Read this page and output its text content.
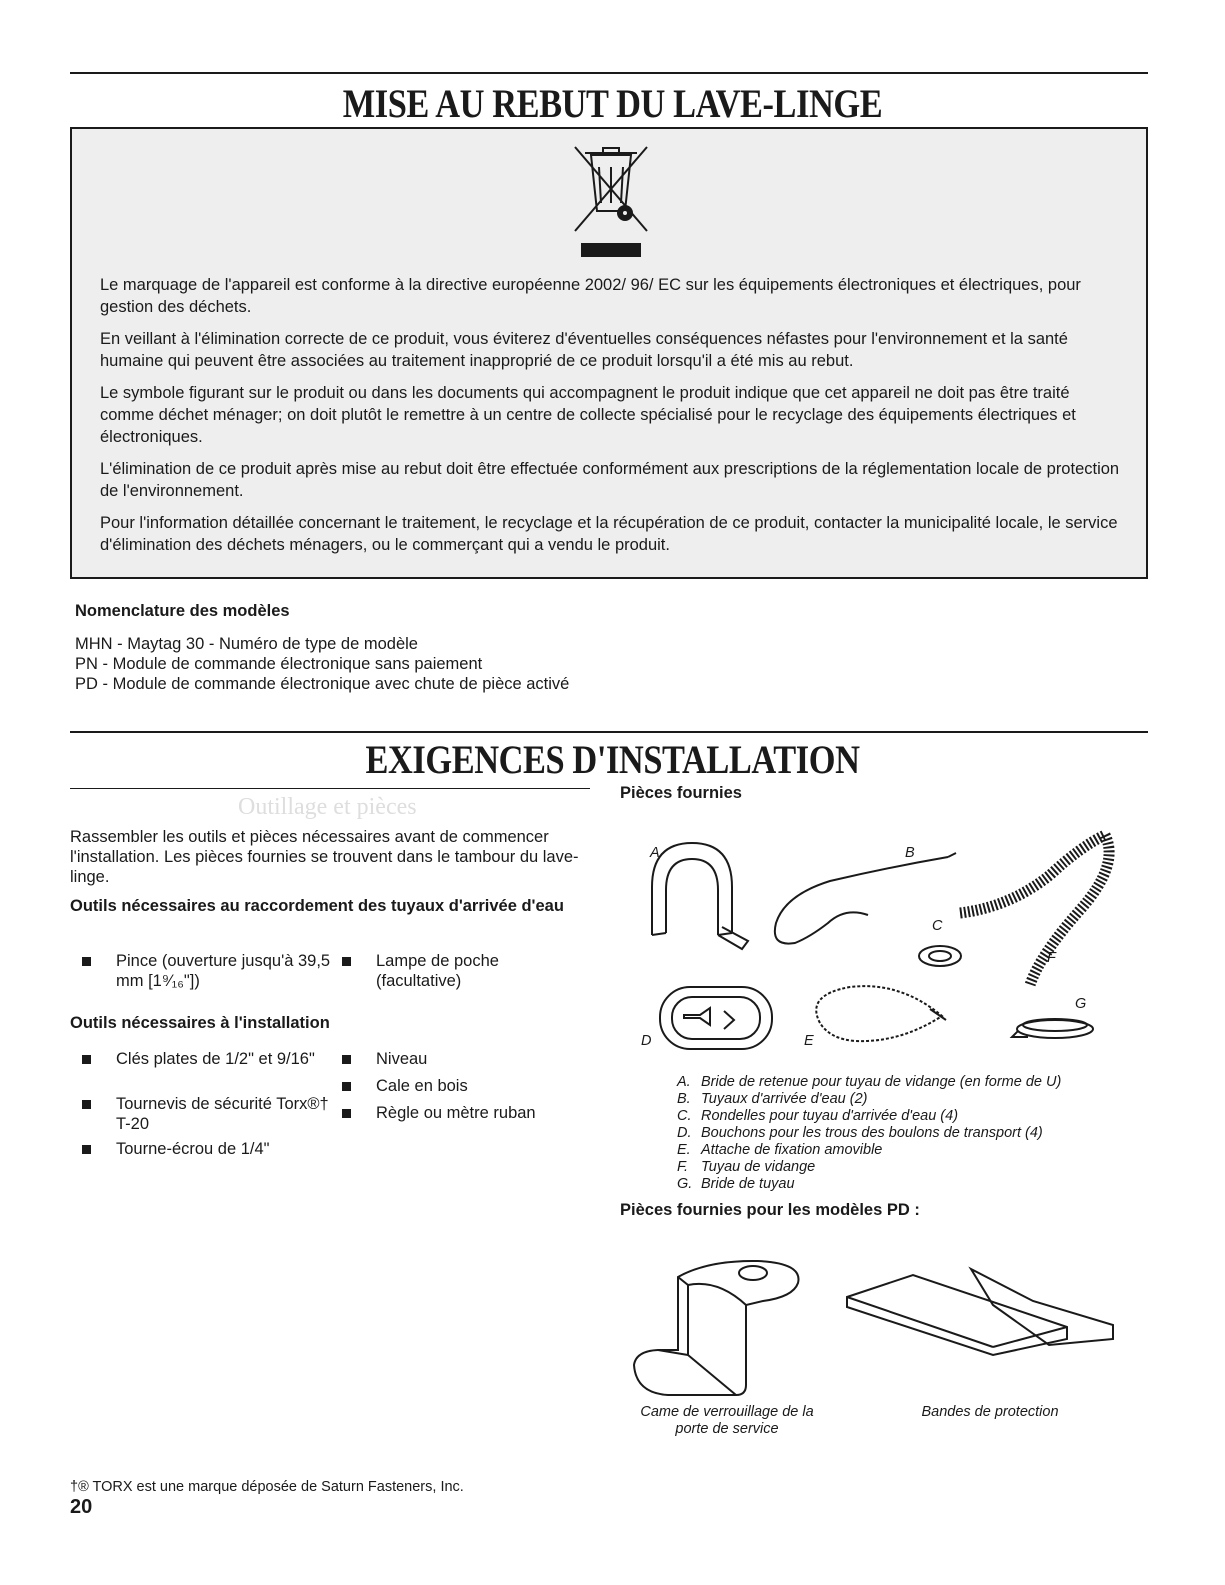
MISE AU REBUT DU LAVE-LINGE

Le marquage de l'appareil est conforme à la directive européenne 2002/ 96/ EC sur les équipements électroniques et électriques, pour gestion des déchets.

En veillant à l'élimination correcte de ce produit, vous éviterez d'éventuelles conséquences néfastes pour l'environnement et la santé humaine qui peuvent être associées au traitement inapproprié de ce produit lorsqu'il a été mis au rebut.

Le symbole figurant sur le produit ou dans les documents qui accompagnent le produit indique que cet appareil ne doit pas être traité comme déchet ménager; on doit plutôt le remettre à un centre de collecte spécialisé pour le recyclage des équipements électriques et électroniques.

L'élimination de ce produit après mise au rebut doit être effectuée conformément aux prescriptions de la réglementation locale de protection de l'environnement.

Pour l'information détaillée concernant le traitement, le recyclage et la récupération de ce produit, contacter la municipalité locale, le service d'élimination des déchets ménagers, ou le commerçant qui a vendu le produit.

Nomenclature des modèles
MHN - Maytag 30 - Numéro de type de modèle
PN - Module de commande électronique sans paiement
PD - Module de commande électronique avec chute de pièce activé
EXIGENCES D'INSTALLATION
Outillage et pièces
Rassembler les outils et pièces nécessaires avant de commencer l'installation. Les pièces fournies se trouvent dans le tambour du lave-linge.
Outils nécessaires au raccordement des tuyaux d'arrivée d'eau
Pince (ouverture jusqu'à 39,5 mm [1⁹⁄₁₆"])
Lampe de poche (facultative)
Outils nécessaires à l'installation
Clés plates de 1/2" et 9/16"
Tournevis de sécurité Torx®† T-20
Tourne-écrou de 1/4"
Niveau
Cale en bois
Règle ou mètre ruban
Pièces fournies
A	B
C
D	E
F
G
A. Bride de retenue pour tuyau de vidange (en forme de U)
B. Tuyaux d'arrivée d'eau (2)
C. Rondelles pour tuyau d'arrivée d'eau (4)
D. Bouchons pour les trous des boulons de transport (4)
E. Attache de fixation amovible
F. Tuyau de vidange
G. Bride de tuyau
Pièces fournies pour les modèles PD :
Came de verrouillage de la porte de service
Bandes de protection
†® TORX est une marque déposée de Saturn Fasteners, Inc.
20
